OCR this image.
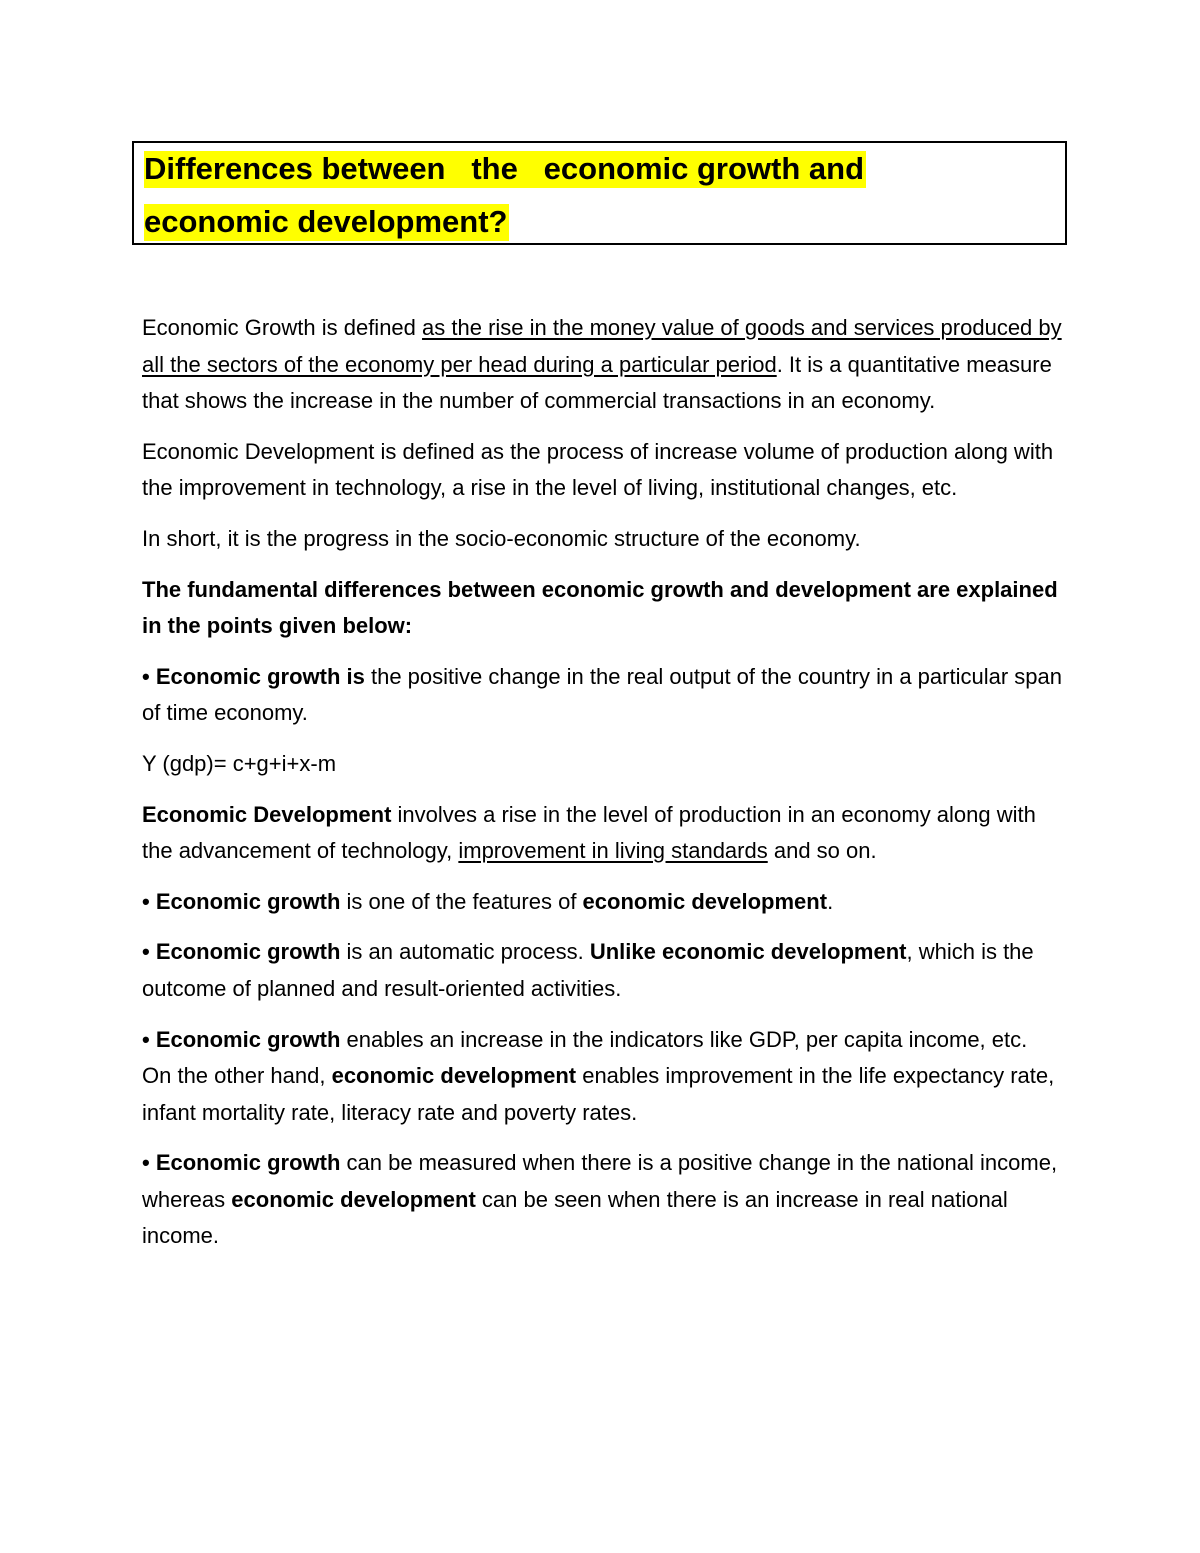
Differences between   the   economic growth and
economic development?

Economic Growth is defined as the rise in the money value of goods and services produced by all the sectors of the economy per head during a particular period. It is a quantitative measure that shows the increase in the number of commercial transactions in an economy.

Economic Development is defined as the process of increase volume of production along with the improvement in technology, a rise in the level of living, institutional changes, etc.

In short, it is the progress in the socio-economic structure of the economy.

The fundamental differences between economic growth and development are explained in the points given below:

• Economic growth is the positive change in the real output of the country in a particular span of time economy.

Y (gdp)= c+g+i+x-m

Economic Development involves a rise in the level of production in an economy along with the advancement of technology, improvement in living standards and so on.

• Economic growth is one of the features of economic development.

• Economic growth is an automatic process. Unlike economic development, which is the outcome of planned and result-oriented activities.

• Economic growth enables an increase in the indicators like GDP, per capita income, etc. On the other hand, economic development enables improvement in the life expectancy rate, infant mortality rate, literacy rate and poverty rates.

• Economic growth can be measured when there is a positive change in the national income, whereas economic development can be seen when there is an increase in real national income.
